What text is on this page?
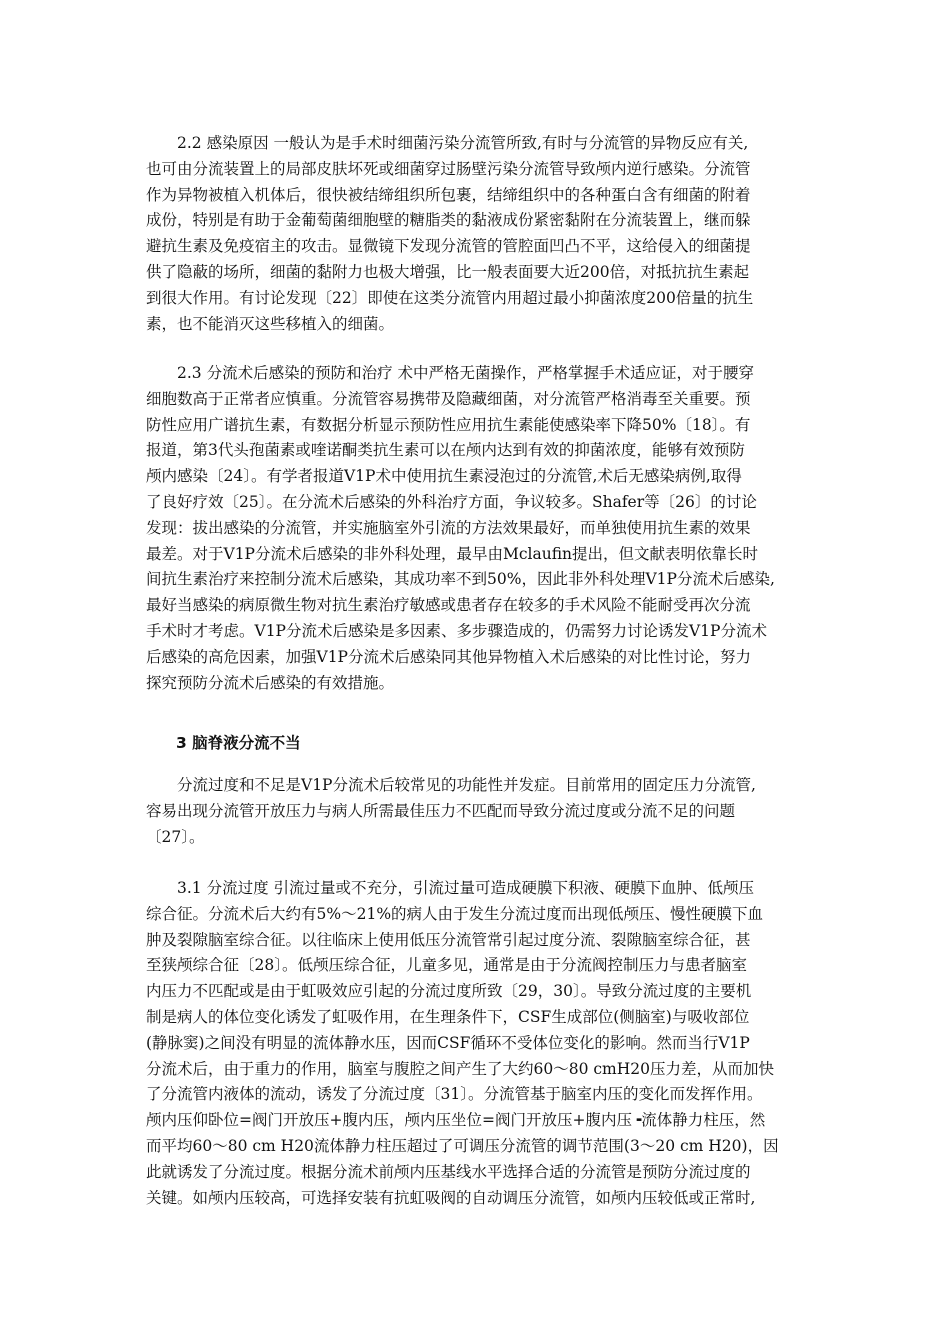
　　2.2 感染原因 一般认为是手术时细菌污染分流管所致,有时与分流管的异物反应有关,
也可由分流装置上的局部皮肤坏死或细菌穿过肠壁污染分流管导致颅内逆行感染。分流管
作为异物被植入机体后，很快被结缔组织所包裹，结缔组织中的各种蛋白含有细菌的附着
成份，特别是有助于金葡萄菌细胞壁的糖脂类的黏液成份紧密黏附在分流装置上，继而躲
避抗生素及免疫宿主的攻击。显微镜下发现分流管的管腔面凹凸不平，这给侵入的细菌提
供了隐蔽的场所，细菌的黏附力也极大增强，比一般表面要大近200倍，对抵抗抗生素起
到很大作用。有讨论发现〔22〕即使在这类分流管内用超过最小抑菌浓度200倍量的抗生
素，也不能消灭这些移植入的细菌。
　　2.3 分流术后感染的预防和治疗 术中严格无菌操作，严格掌握手术适应证，对于腰穿
细胞数高于正常者应慎重。分流管容易携带及隐藏细菌，对分流管严格消毒至关重要。预
防性应用广谱抗生素，有数据分析显示预防性应用抗生素能使感染率下降50%〔18〕。有
报道，第3代头孢菌素或喹诺酮类抗生素可以在颅内达到有效的抑菌浓度，能够有效预防
颅内感染〔24〕。有学者报道V1P术中使用抗生素浸泡过的分流管,术后无感染病例,取得
了良好疗效〔25〕。在分流术后感染的外科治疗方面，争议较多。Shafer等〔26〕的讨论
发现：拔出感染的分流管，并实施脑室外引流的方法效果最好，而单独使用抗生素的效果
最差。对于V1P分流术后感染的非外科处理，最早由Mclaufin提出，但文献表明依靠长时
间抗生素治疗来控制分流术后感染，其成功率不到50%，因此非外科处理V1P分流术后感染,
最好当感染的病原微生物对抗生素治疗敏感或患者存在较多的手术风险不能耐受再次分流
手术时才考虑。V1P分流术后感染是多因素、多步骤造成的，仍需努力讨论诱发V1P分流术
后感染的高危因素，加强V1P分流术后感染同其他异物植入术后感染的对比性讨论，努力
探究预防分流术后感染的有效措施。
3 脑脊液分流不当
　　分流过度和不足是V1P分流术后较常见的功能性并发症。目前常用的固定压力分流管,
容易出现分流管开放压力与病人所需最佳压力不匹配而导致分流过度或分流不足的问题
〔27〕。
　　3.1 分流过度 引流过量或不充分，引流过量可造成硬膜下积液、硬膜下血肿、低颅压
综合征。分流术后大约有5%～21%的病人由于发生分流过度而出现低颅压、慢性硬膜下血
肿及裂隙脑室综合征。以往临床上使用低压分流管常引起过度分流、裂隙脑室综合征，甚
至狭颅综合征〔28〕。低颅压综合征，儿童多见，通常是由于分流阀控制压力与患者脑室
内压力不匹配或是由于虹吸效应引起的分流过度所致〔29，30〕。导致分流过度的主要机
制是病人的体位变化诱发了虹吸作用，在生理条件下，CSF生成部位(侧脑室)与吸收部位
(静脉窦)之间没有明显的流体静水压，因而CSF循环不受体位变化的影响。然而当行V1P
分流术后，由于重力的作用，脑室与腹腔之间产生了大约60～80 cmH20压力差，从而加快
了分流管内液体的流动，诱发了分流过度〔31〕。分流管基于脑室内压的变化而发挥作用。
颅内压仰卧位=阀门开放压+腹内压，颅内压坐位=阀门开放压+腹内压╺流体静力柱压，然
而平均60～80 cm H20流体静力柱压超过了可调压分流管的调节范围(3～20 cm H20)，因
此就诱发了分流过度。根据分流术前颅内压基线水平选择合适的分流管是预防分流过度的
关键。如颅内压较高，可选择安装有抗虹吸阀的自动调压分流管，如颅内压较低或正常时,
